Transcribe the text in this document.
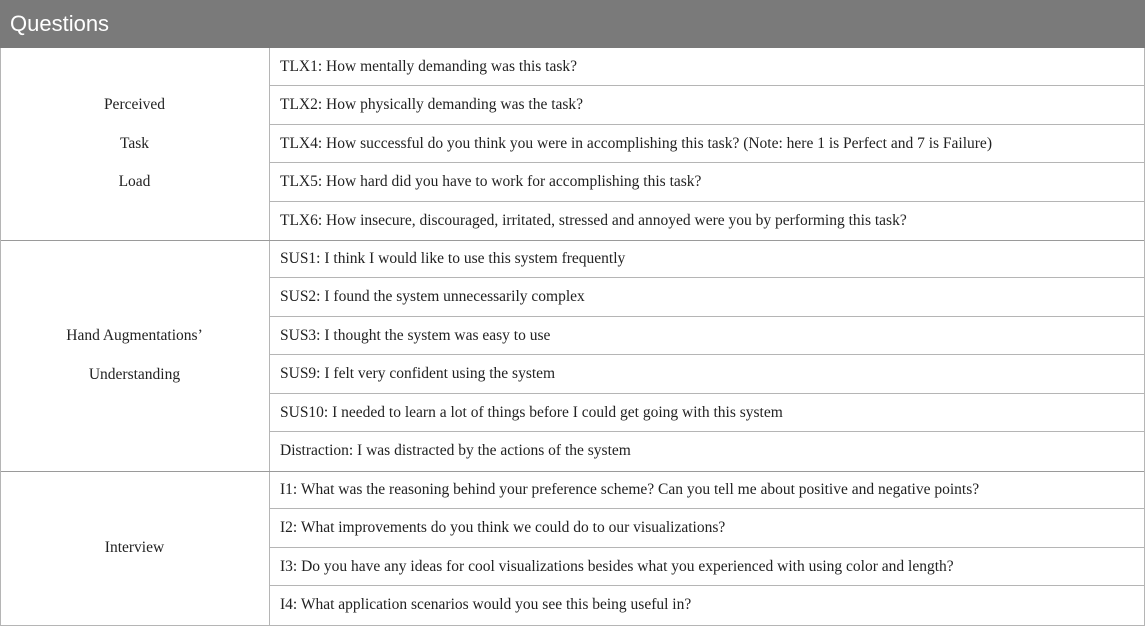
Questions
Perceived
Task
Load
TLX1: How mentally demanding was this task?
TLX2: How physically demanding was the task?
TLX4: How successful do you think you were in accomplishing this task? (Note: here 1 is Perfect and 7 is Failure)
TLX5: How hard did you have to work for accomplishing this task?
TLX6: How insecure, discouraged, irritated, stressed and annoyed were you by performing this task?
Hand Augmentations’
Understanding
SUS1: I think I would like to use this system frequently
SUS2: I found the system unnecessarily complex
SUS3: I thought the system was easy to use
SUS9: I felt very confident using the system
SUS10: I needed to learn a lot of things before I could get going with this system
Distraction: I was distracted by the actions of the system
Interview
I1: What was the reasoning behind your preference scheme? Can you tell me about positive and negative points?
I2: What improvements do you think we could do to our visualizations?
I3: Do you have any ideas for cool visualizations besides what you experienced with using color and length?
I4: What application scenarios would you see this being useful in?
